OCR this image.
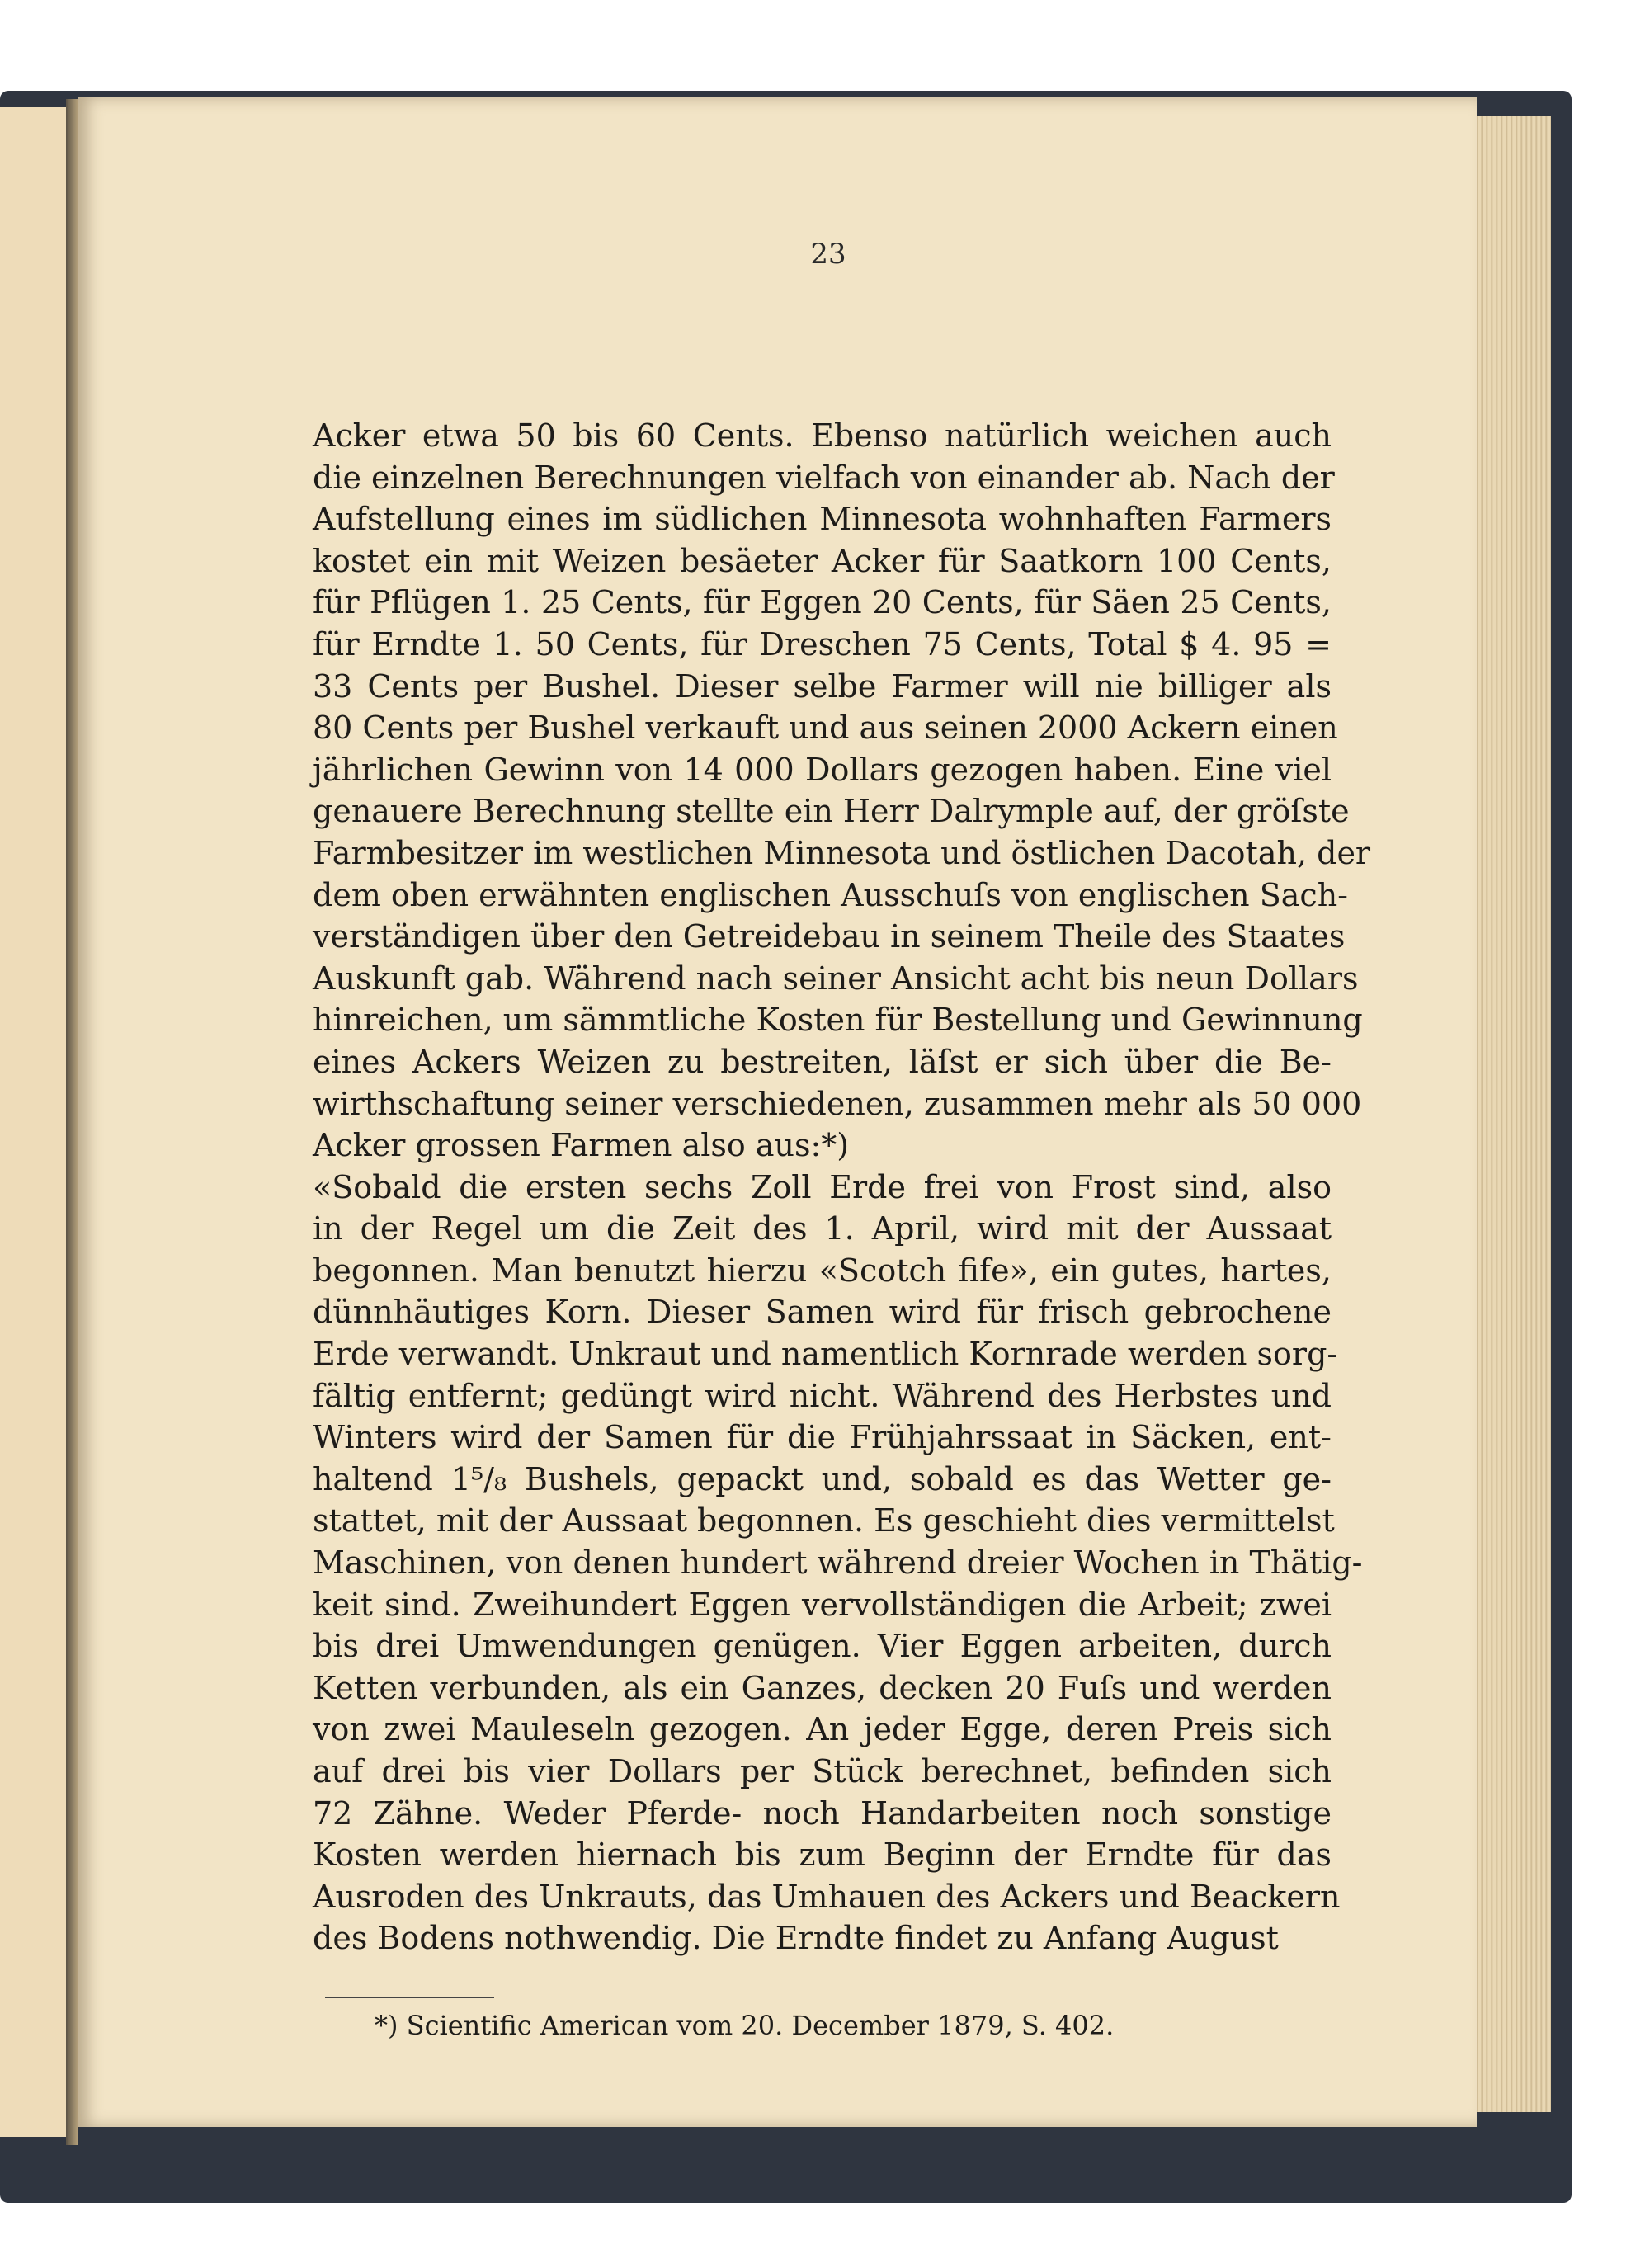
23
Acker etwa 50 bis 60 Cents. Ebenso natürlich weichen auch
die einzelnen Berechnungen vielfach von einander ab. Nach der
Aufstellung eines im südlichen Minnesota wohnhaften Farmers
kostet ein mit Weizen besäeter Acker für Saatkorn 100 Cents,
für Pflügen 1. 25 Cents, für Eggen 20 Cents, für Säen 25 Cents,
für Erndte 1. 50 Cents, für Dreschen 75 Cents, Total $ 4. 95 =
33 Cents per Bushel. Dieser selbe Farmer will nie billiger als
80 Cents per Bushel verkauft und aus seinen 2000 Ackern einen
jährlichen Gewinn von 14 000 Dollars gezogen haben. Eine viel
genauere Berechnung stellte ein Herr Dalrymple auf, der gröſste
Farmbesitzer im westlichen Minnesota und östlichen Dacotah, der
dem oben erwähnten englischen Ausschuſs von englischen Sach-
verständigen über den Getreidebau in seinem Theile des Staates
Auskunft gab. Während nach seiner Ansicht acht bis neun Dollars
hinreichen, um sämmtliche Kosten für Bestellung und Gewinnung
eines Ackers Weizen zu bestreiten, läſst er sich über die Be-
wirthschaftung seiner verschiedenen, zusammen mehr als 50 000
Acker grossen Farmen also aus:*)
«Sobald die ersten sechs Zoll Erde frei von Frost sind, also
in der Regel um die Zeit des 1. April, wird mit der Aussaat
begonnen. Man benutzt hierzu «Scotch fife», ein gutes, hartes,
dünnhäutiges Korn. Dieser Samen wird für frisch gebrochene
Erde verwandt. Unkraut und namentlich Kornrade werden sorg-
fältig entfernt; gedüngt wird nicht. Während des Herbstes und
Winters wird der Samen für die Frühjahrssaat in Säcken, ent-
haltend 1⁵/₈ Bushels, gepackt und, sobald es das Wetter ge-
stattet, mit der Aussaat begonnen. Es geschieht dies vermittelst
Maschinen, von denen hundert während dreier Wochen in Thätig-
keit sind. Zweihundert Eggen vervollständigen die Arbeit; zwei
bis drei Umwendungen genügen. Vier Eggen arbeiten, durch
Ketten verbunden, als ein Ganzes, decken 20 Fuſs und werden
von zwei Mauleseln gezogen. An jeder Egge, deren Preis sich
auf drei bis vier Dollars per Stück berechnet, befinden sich
72 Zähne. Weder Pferde- noch Handarbeiten noch sonstige
Kosten werden hiernach bis zum Beginn der Erndte für das
Ausroden des Unkrauts, das Umhauen des Ackers und Beackern
des Bodens nothwendig. Die Erndte findet zu Anfang August
*) Scientific American vom 20. December 1879, S. 402.
